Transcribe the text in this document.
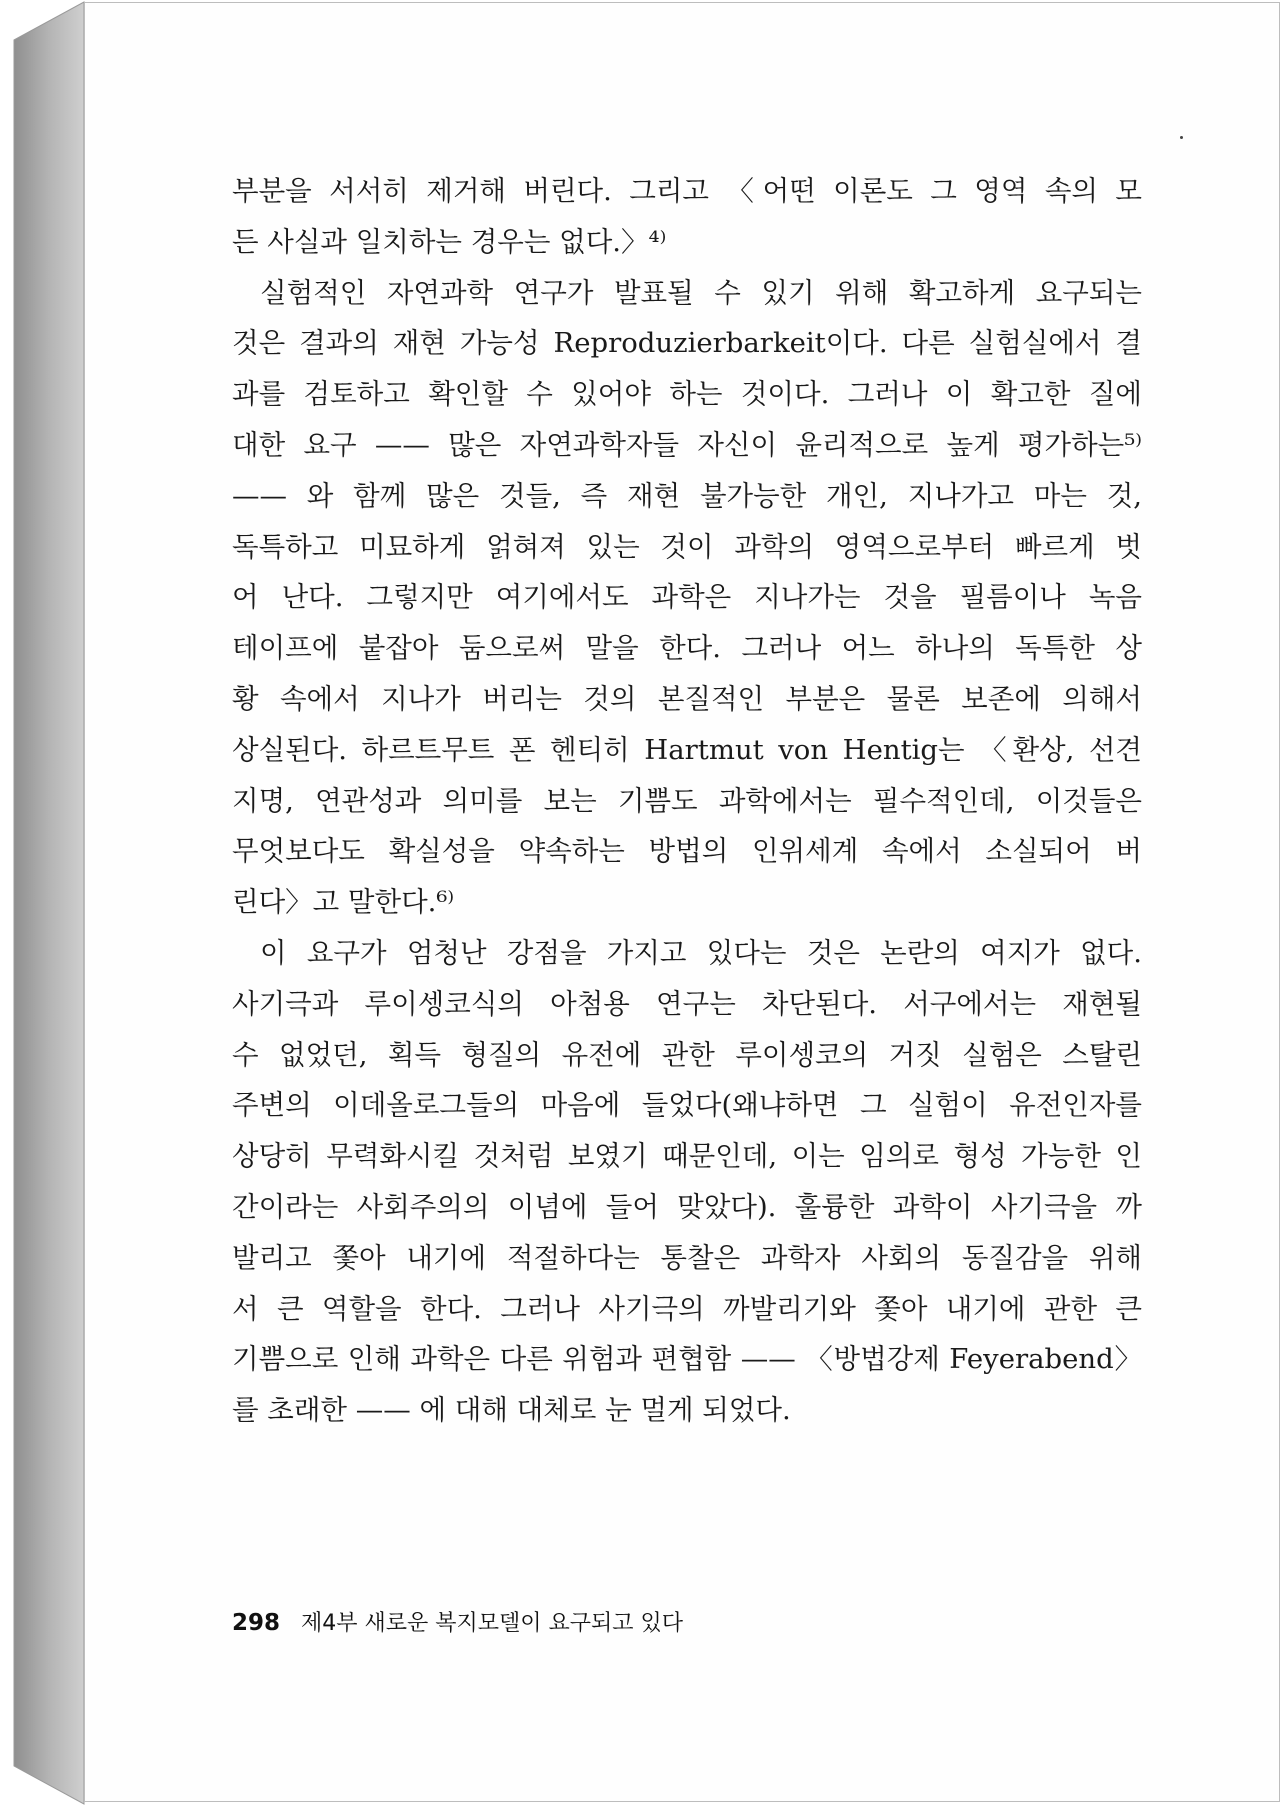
부분을 서서히 제거해 버린다. 그리고 〈어떤 이론도 그 영역 속의 모
든 사실과 일치하는 경우는 없다.〉⁴⁾
실험적인 자연과학 연구가 발표될 수 있기 위해 확고하게 요구되는
것은 결과의 재현 가능성 Reproduzierbarkeit이다. 다른 실험실에서 결
과를 검토하고 확인할 수 있어야 하는 것이다. 그러나 이 확고한 질에
대한 요구 —— 많은 자연과학자들 자신이 윤리적으로 높게 평가하는⁵⁾
—— 와 함께 많은 것들, 즉 재현 불가능한 개인, 지나가고 마는 것,
독특하고 미묘하게 얽혀져 있는 것이 과학의 영역으로부터 빠르게 벗
어 난다. 그렇지만 여기에서도 과학은 지나가는 것을 필름이나 녹음
테이프에 붙잡아 둠으로써 말을 한다. 그러나 어느 하나의 독특한 상
황 속에서 지나가 버리는 것의 본질적인 부분은 물론 보존에 의해서
상실된다. 하르트무트 폰 헨티히 Hartmut von Hentig는 〈환상, 선견
지명, 연관성과 의미를 보는 기쁨도 과학에서는 필수적인데, 이것들은
무엇보다도 확실성을 약속하는 방법의 인위세계 속에서 소실되어 버
린다〉고 말한다.⁶⁾
이 요구가 엄청난 강점을 가지고 있다는 것은 논란의 여지가 없다.
사기극과 루이셍코식의 아첨용 연구는 차단된다. 서구에서는 재현될
수 없었던, 획득 형질의 유전에 관한 루이셍코의 거짓 실험은 스탈린
주변의 이데올로그들의 마음에 들었다(왜냐하면 그 실험이 유전인자를
상당히 무력화시킬 것처럼 보였기 때문인데, 이는 임의로 형성 가능한 인
간이라는 사회주의의 이념에 들어 맞았다). 훌륭한 과학이 사기극을 까
발리고 쫓아 내기에 적절하다는 통찰은 과학자 사회의 동질감을 위해
서 큰 역할을 한다. 그러나 사기극의 까발리기와 쫓아 내기에 관한 큰
기쁨으로 인해 과학은 다른 위험과 편협함 —— 〈방법강제 Feyerabend〉
를 초래한 —— 에 대해 대체로 눈 멀게 되었다.
298 제4부 새로운 복지모델이 요구되고 있다
